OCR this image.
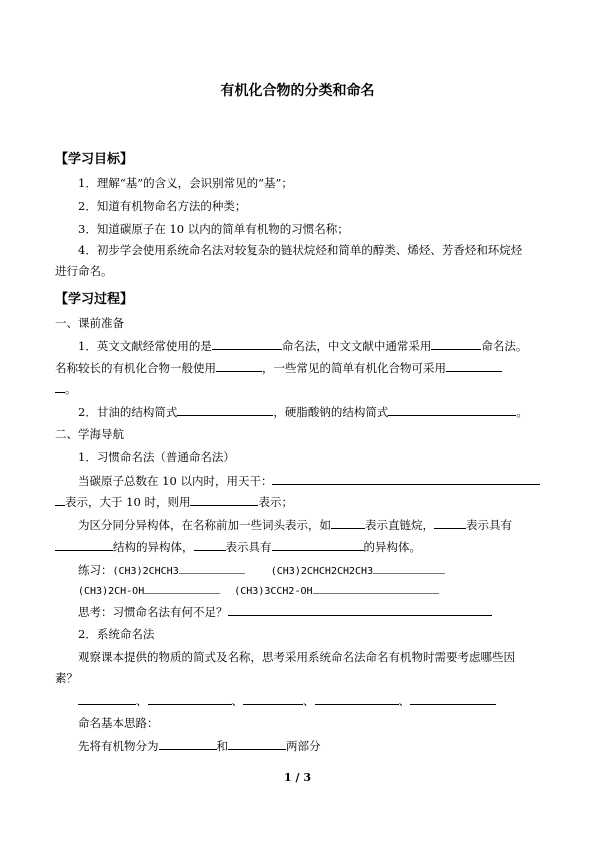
有机化合物的分类和命名
【学习目标】
1．理解“基”的含义，会识别常见的“基”；
2．知道有机物命名方法的种类；
3．知道碳原子在 10 以内的简单有机物的习惯名称；
4．初步学会使用系统命名法对较复杂的链状烷烃和简单的醇类、烯烃、芳香烃和环烷烃
进行命名。
【学习过程】
一、课前准备
1．英文文献经常使用的是	命名法，中文文献中通常采用	命名法。
名称较长的有机化合物一般使用	，一些常见的简单有机化合物可采用
。
2．甘油的结构简式	，硬脂酸钠的结构简式	。
二、学海导航
1．习惯命名法（普通命名法）
当碳原子总数在 10 以内时，用天干：
表示，大于 10 时，则用	表示；
为区分同分异构体，在名称前加一些词头表示，如	表示直链烷，	表示具有
结构的异构体，	表示具有	的异构体。
练习：(CH3)2CHCH3	(CH3)2CHCH2CH2CH3
(CH3)2CH-OH	(CH3)3CCH2-OH
思考：习惯命名法有何不足？
2．系统命名法
观察课本提供的物质的简式及名称，思考采用系统命名法命名有机物时需要考虑哪些因
素？
、	、	、	、
命名基本思路：
先将有机物分为	和	两部分
1 / 3
